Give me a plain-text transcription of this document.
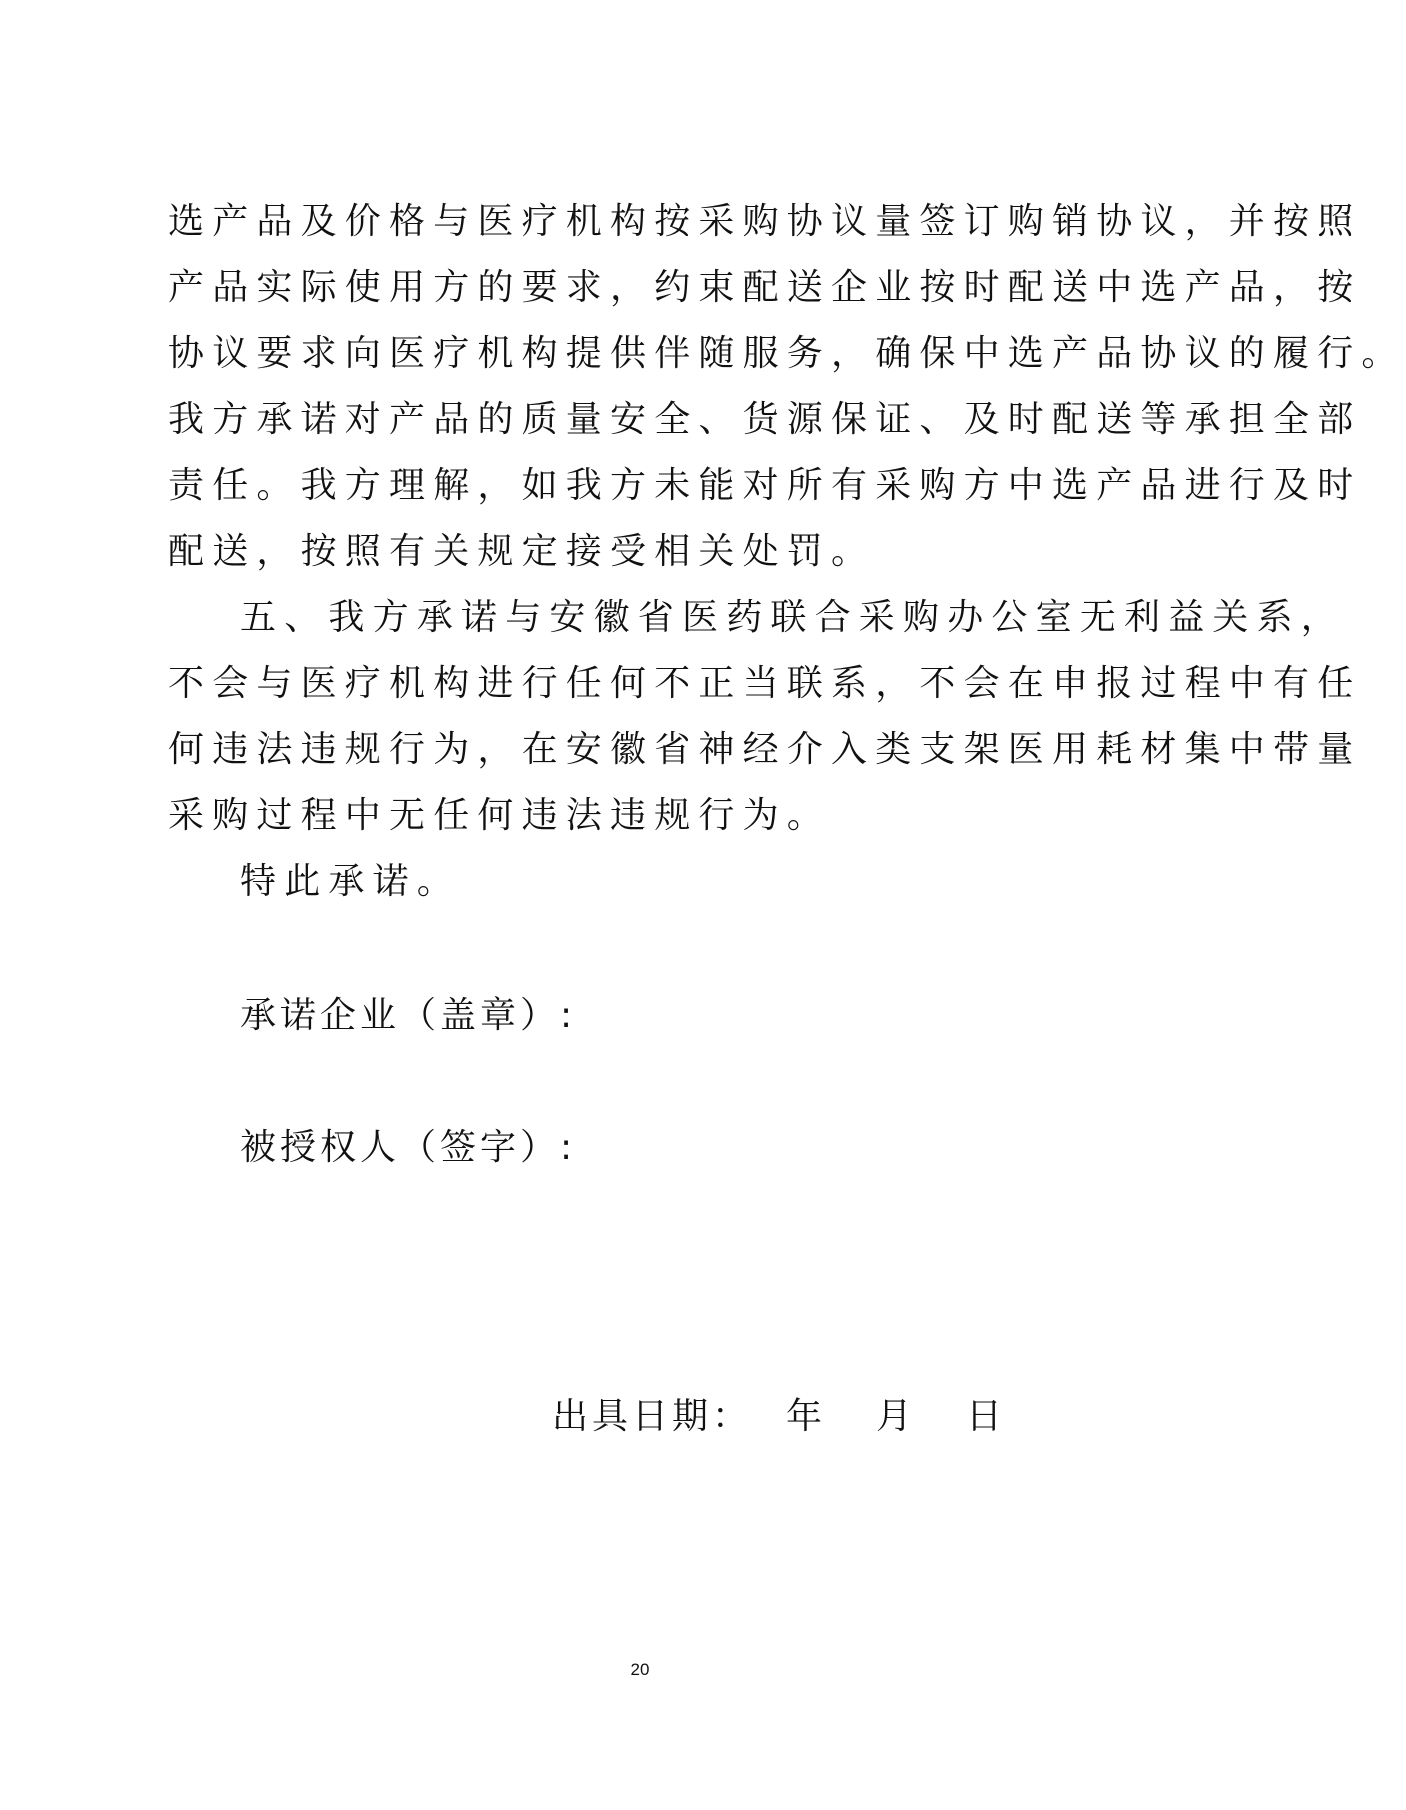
选产品及价格与医疗机构按采购协议量签订购销协议，并按照
产品实际使用方的要求，约束配送企业按时配送中选产品，按
协议要求向医疗机构提供伴随服务，确保中选产品协议的履行。
我方承诺对产品的质量安全、货源保证、及时配送等承担全部
责任。我方理解，如我方未能对所有采购方中选产品进行及时
配送，按照有关规定接受相关处罚。
五、我方承诺与安徽省医药联合采购办公室无利益关系，
不会与医疗机构进行任何不正当联系，不会在申报过程中有任
何违法违规行为，在安徽省神经介入类支架医用耗材集中带量
采购过程中无任何违法违规行为。
特此承诺。
承诺企业（盖章）:
被授权人（签字）:
出具日期： 年 月 日
20
